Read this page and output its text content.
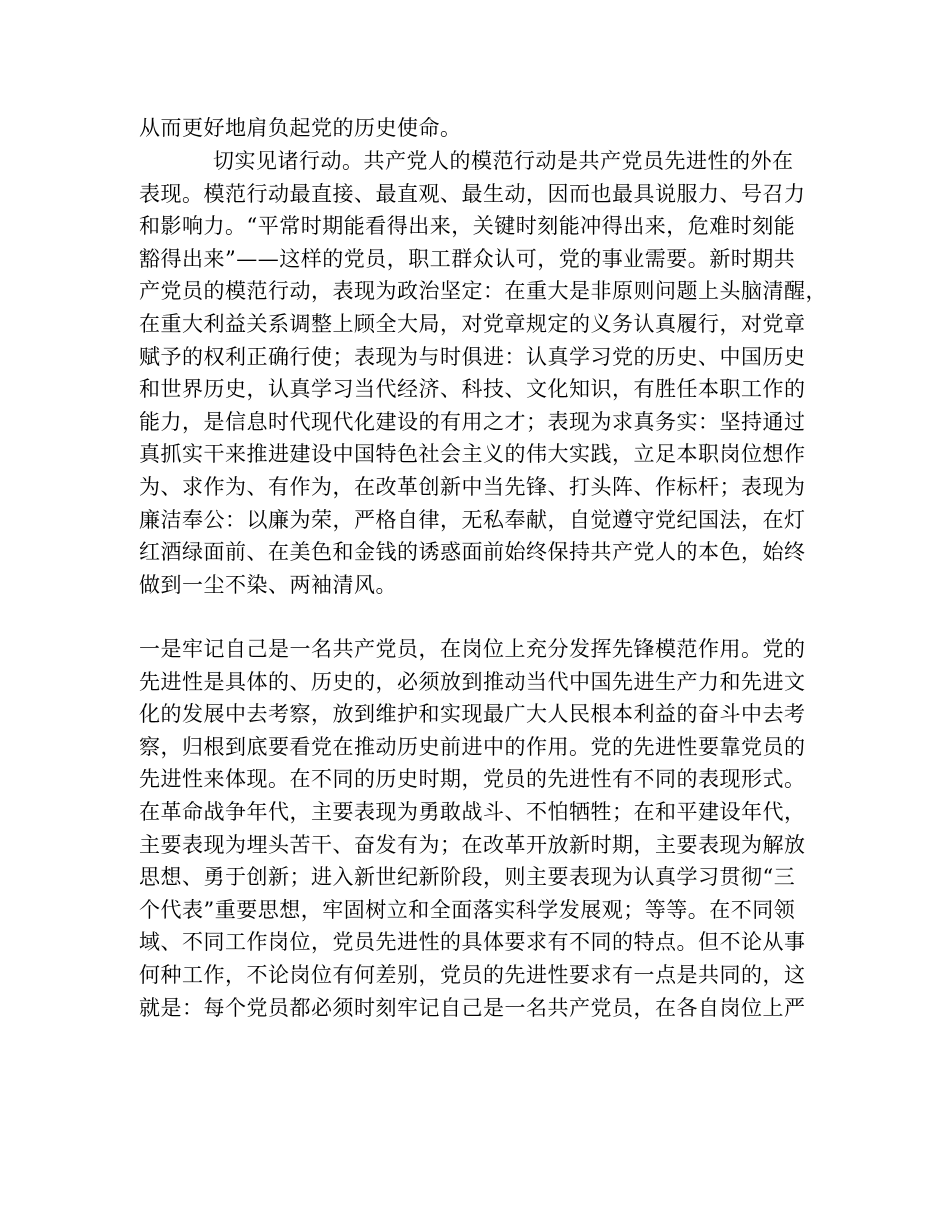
从而更好地肩负起党的历史使命。
切实见诸行动。共产党人的模范行动是共产党员先进性的外在
表现。模范行动最直接、最直观、最生动，因而也最具说服力、号召力
和影响力。“平常时期能看得出来，关键时刻能冲得出来，危难时刻能
豁得出来”——这样的党员，职工群众认可，党的事业需要。新时期共
产党员的模范行动，表现为政治坚定：在重大是非原则问题上头脑清醒，
在重大利益关系调整上顾全大局，对党章规定的义务认真履行，对党章
赋予的权利正确行使；表现为与时俱进：认真学习党的历史、中国历史
和世界历史，认真学习当代经济、科技、文化知识，有胜任本职工作的
能力，是信息时代现代化建设的有用之才；表现为求真务实：坚持通过
真抓实干来推进建设中国特色社会主义的伟大实践，立足本职岗位想作
为、求作为、有作为，在改革创新中当先锋、打头阵、作标杆；表现为
廉洁奉公：以廉为荣，严格自律，无私奉献，自觉遵守党纪国法，在灯
红酒绿面前、在美色和金钱的诱惑面前始终保持共产党人的本色，始终
做到一尘不染、两袖清风。
一是牢记自己是一名共产党员，在岗位上充分发挥先锋模范作用。党的
先进性是具体的、历史的，必须放到推动当代中国先进生产力和先进文
化的发展中去考察，放到维护和实现最广大人民根本利益的奋斗中去考
察，归根到底要看党在推动历史前进中的作用。党的先进性要靠党员的
先进性来体现。在不同的历史时期，党员的先进性有不同的表现形式。
在革命战争年代，主要表现为勇敢战斗、不怕牺牲；在和平建设年代，
主要表现为埋头苦干、奋发有为；在改革开放新时期，主要表现为解放
思想、勇于创新；进入新世纪新阶段，则主要表现为认真学习贯彻“三
个代表”重要思想，牢固树立和全面落实科学发展观；等等。在不同领
域、不同工作岗位，党员先进性的具体要求有不同的特点。但不论从事
何种工作，不论岗位有何差别，党员的先进性要求有一点是共同的，这
就是：每个党员都必须时刻牢记自己是一名共产党员，在各自岗位上严
